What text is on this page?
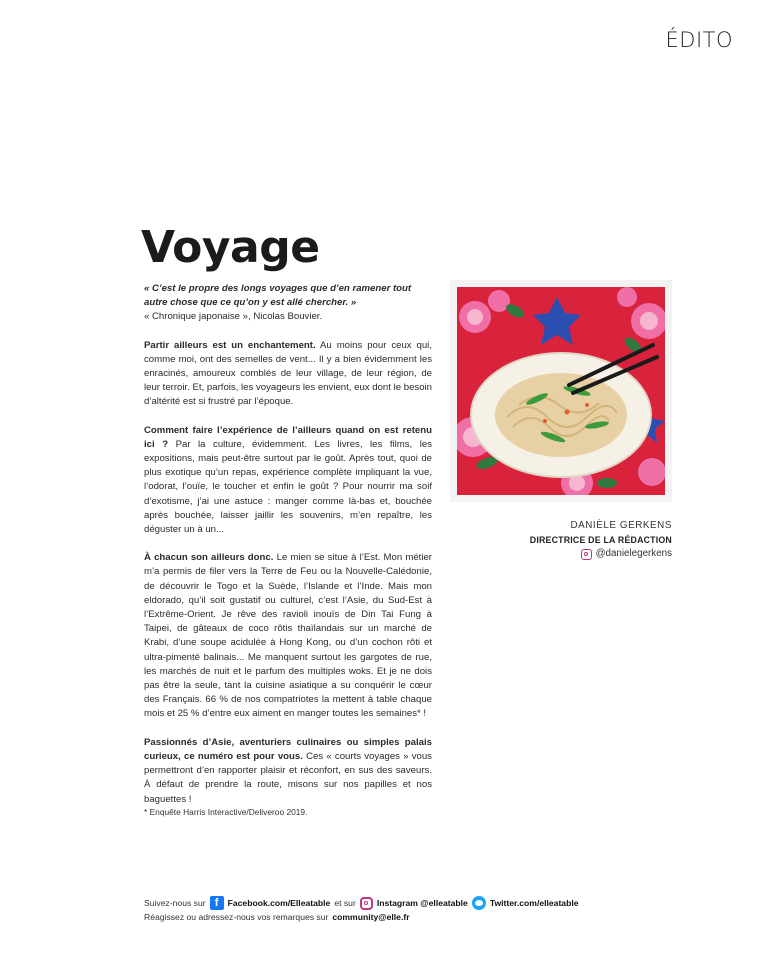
ÉDITO
Voyage

« C’est le propre des longs voyages que d’en ramener tout autre chose que ce qu’on y est allé chercher. »

« Chronique japonaise », Nicolas Bouvier.

Partir ailleurs est un enchantement. Au moins pour ceux qui, comme moi, ont des semelles de vent... Il y a bien évidemment les enracinés, amoureux comblés de leur village, de leur région, de leur terroir. Et, parfois, les voyageurs les envient, eux dont le besoin d’altérité est si frustré par l’époque.

Comment faire l’expérience de l’ailleurs quand on est retenu ici ? Par la culture, évidemment. Les livres, les films, les expositions, mais peut-être surtout par le goût. Après tout, quoi de plus exotique qu’un repas, expérience complète impliquant la vue, l’odorat, l’ouïe, le toucher et enfin le goût ? Pour nourrir ma soif d’exotisme, j’ai une astuce : manger comme là-bas et, bouchée après bouchée, laisser jaillir les souvenirs, m’en repaître, les déguster un à un...

À chacun son ailleurs donc. Le mien se situe à l’Est. Mon métier m’a permis de filer vers la Terre de Feu ou la Nouvelle-Calédonie, de découvrir le Togo et la Suède, l’Islande et l’Inde. Mais mon eldorado, qu’il soit gustatif ou culturel, c’est l’Asie, du Sud-Est à l’Extrême-Orient. Je rêve des ravioli inouïs de Din Tai Fung à Taipei, de gâteaux de coco rôtis thaïlandais sur un marché de Krabi, d’une soupe acidulée à Hong Kong, ou d’un cochon rôti et ultra-pimenté balinais... Me manquent surtout les gargotes de rue, les marchés de nuit et le parfum des multiples woks. Et je ne dois pas être la seule, tant la cuisine asiatique a su conquérir le cœur des Français. 66 % de nos compatriotes la mettent à table chaque mois et 25 % d’entre eux aiment en manger toutes les semaines* !

Passionnés d’Asie, aventuriers culinaires ou simples palais curieux, ce numéro est pour vous. Ces « courts voyages » vous permettront d’en rapporter plaisir et réconfort, en sus des saveurs. À défaut de prendre la route, misons sur nos papilles et nos baguettes !

* Enquête Harris Interactive/Deliveroo 2019.
DANIÈLE GERKENS
DIRECTRICE DE LA RÉDACTION
@danielegerkens
Suivez-nous sur f	Facebook.com/Elleatable et sur Instagram @elleatable	Twitter.com/elleatable
Réagissez ou adressez-nous vos remarques sur community@elle.fr
